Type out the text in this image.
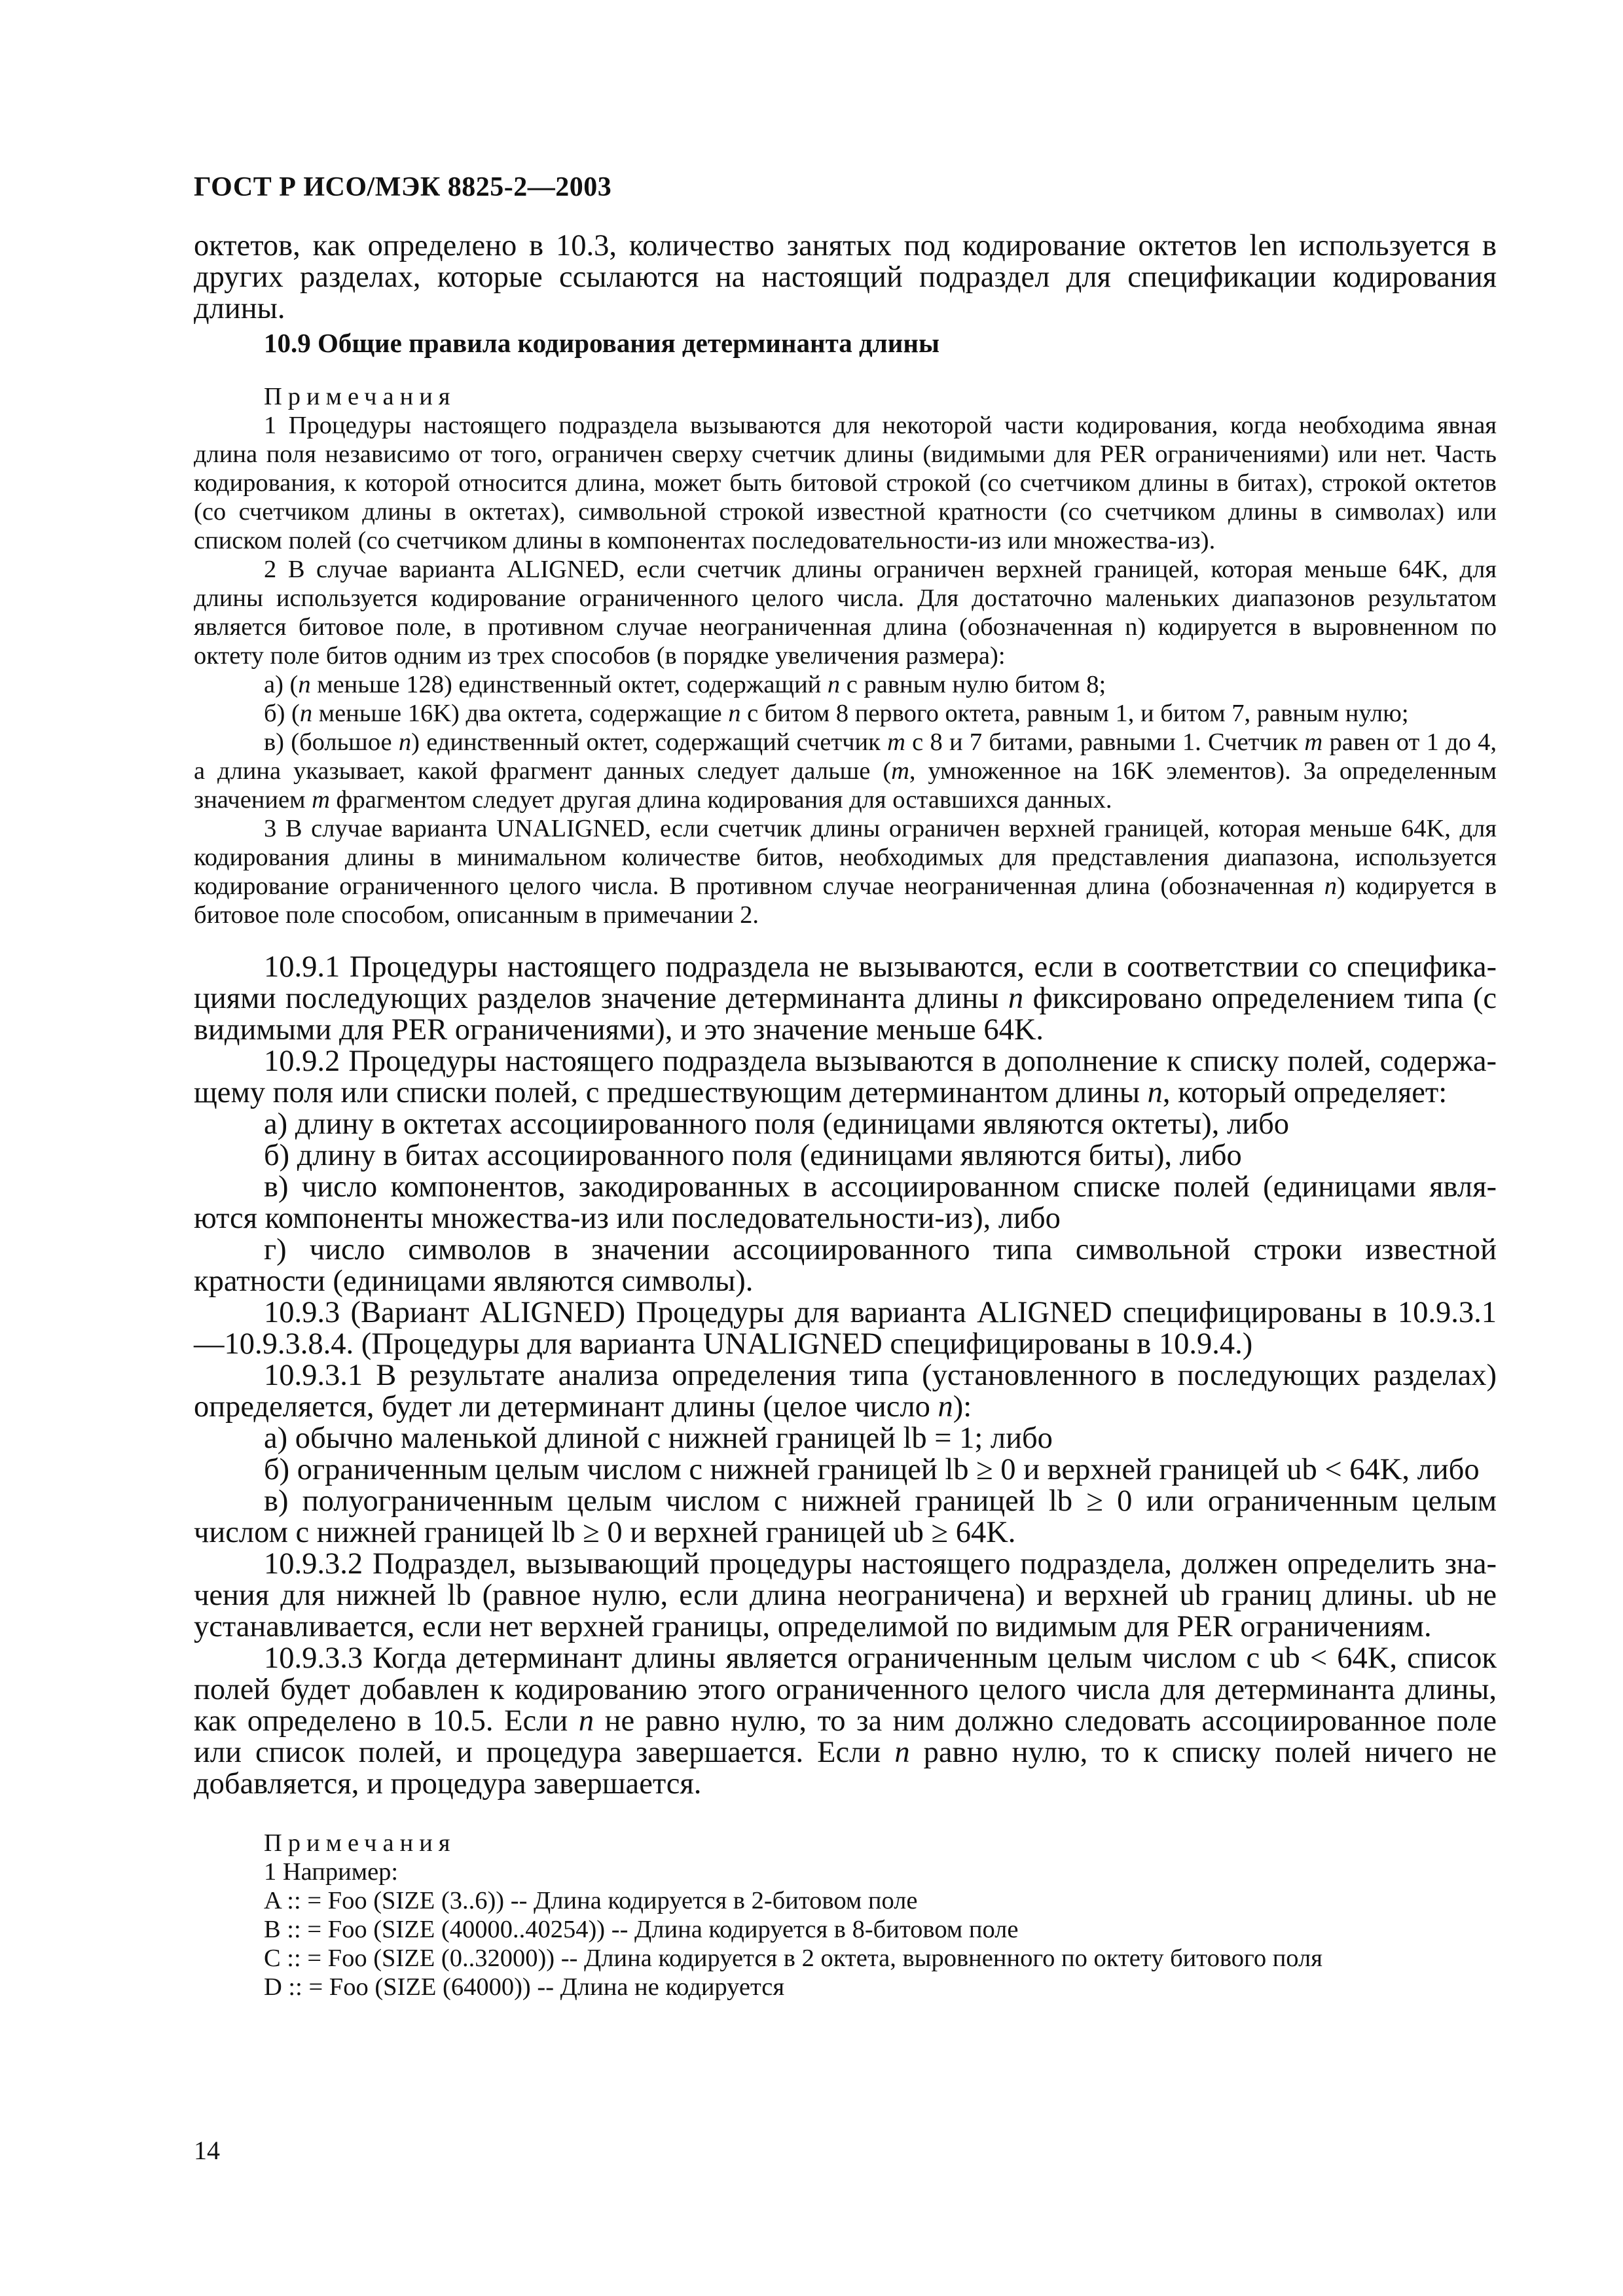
ГОСТ Р ИСО/МЭК 8825-2—2003

октетов, как определено в 10.3, количество занятых под кодирование октетов len используется в других разделах, которые ссылаются на настоящий подраздел для спецификации кодирования длины.

10.9 Общие правила кодирования детерминанта длины

Примечания

1 Процедуры настоящего подраздела вызываются для некоторой части кодирования, когда необходима явная длина поля независимо от того, ограничен сверху счетчик длины (видимыми для PER ограничениями) или нет. Часть кодирования, к которой относится длина, может быть битовой строкой (со счетчиком длины в битах), строкой октетов (со счетчиком длины в октетах), символьной строкой известной кратности (со счетчиком длины в символах) или списком полей (со счетчиком длины в компонентах последовательности-из или множества-из).

2 В случае варианта ALIGNED, если счетчик длины ограничен верхней границей, которая меньше 64K, для длины используется кодирование ограниченного целого числа. Для достаточно маленьких диапазонов результатом является битовое поле, в противном случае неограниченная длина (обозначенная n) кодируется в выровненном по октету поле битов одним из трех способов (в порядке увеличения размера):

а) (n меньше 128) единственный октет, содержащий n с равным нулю битом 8;

б) (n меньше 16K) два октета, содержащие n с битом 8 первого октета, равным 1, и битом 7, равным нулю;

в) (большое n) единственный октет, содержащий счетчик m с 8 и 7 битами, равными 1. Счетчик m равен от 1 до 4, а длина указывает, какой фрагмент данных следует дальше (m, умноженное на 16K элементов). За определенным значением m фрагментом следует другая длина кодирования для оставшихся данных.

3 В случае варианта UNALIGNED, если счетчик длины ограничен верхней границей, которая меньше 64K, для кодирования длины в минимальном количестве битов, необходимых для представления диапазона, используется кодирование ограниченного целого числа. В противном случае неограниченная длина (обозначенная n) кодируется в битовое поле способом, описанным в примечании 2.

10.9.1 Процедуры настоящего подраздела не вызываются, если в соответствии со спецификациями последующих разделов значение детерминанта длины n фиксировано определением типа (с видимыми для PER ограничениями), и это значение меньше 64K.

10.9.2 Процедуры настоящего подраздела вызываются в дополнение к списку полей, содержащему поля или списки полей, с предшествующим детерминантом длины n, который определяет:

а) длину в октетах ассоциированного поля (единицами являются октеты), либо

б) длину в битах ассоциированного поля (единицами являются биты), либо

в) число компонентов, закодированных в ассоциированном списке полей (единицами являются компоненты множества-из или последовательности-из), либо

г) число символов в значении ассоциированного типа символьной строки известной кратности (единицами являются символы).

10.9.3 (Вариант ALIGNED) Процедуры для варианта ALIGNED специфицированы в 10.9.3.1—10.9.3.8.4. (Процедуры для варианта UNALIGNED специфицированы в 10.9.4.)

10.9.3.1 В результате анализа определения типа (установленного в последующих разделах) определяется, будет ли детерминант длины (целое число n):

а) обычно маленькой длиной с нижней границей lb = 1; либо

б) ограниченным целым числом с нижней границей lb ≥ 0 и верхней границей ub < 64K, либо

в) полуограниченным целым числом с нижней границей lb ≥ 0 или ограниченным целым числом с нижней границей lb ≥ 0 и верхней границей ub ≥ 64K.

10.9.3.2 Подраздел, вызывающий процедуры настоящего подраздела, должен определить значения для нижней lb (равное нулю, если длина неограничена) и верхней ub границ длины. ub не устанавливается, если нет верхней границы, определимой по видимым для PER ограничениям.

10.9.3.3 Когда детерминант длины является ограниченным целым числом с ub < 64K, список полей будет добавлен к кодированию этого ограниченного целого числа для детерминанта длины, как определено в 10.5. Если n не равно нулю, то за ним должно следовать ассоциированное поле или список полей, и процедура завершается. Если n равно нулю, то к списку полей ничего не добавляется, и процедура завершается.

Примечания

1 Например:

A :: = Foo (SIZE (3..6)) -- Длина кодируется в 2-битовом поле
B :: = Foo (SIZE (40000..40254)) -- Длина кодируется в 8-битовом поле
C :: = Foo (SIZE (0..32000)) -- Длина кодируется в 2 октета, выровненного по октету битового поля
D :: = Foo (SIZE (64000)) -- Длина не кодируется
14
